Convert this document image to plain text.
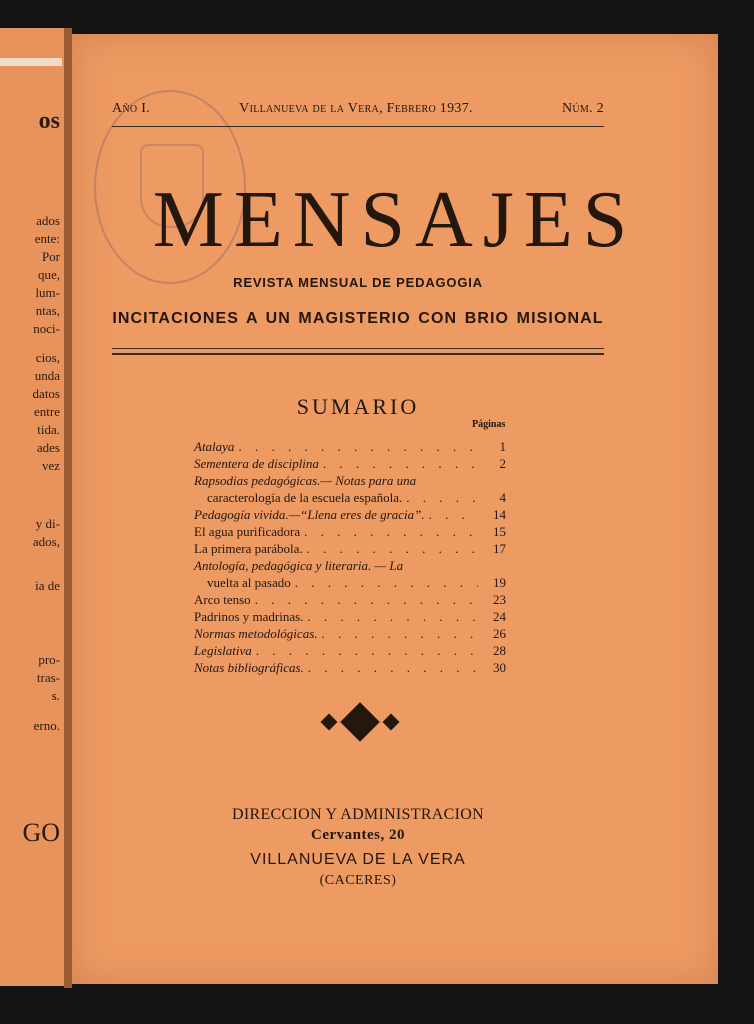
os
ados
ente:
Por
que,
lum-
ntas,
noci-
cios,
unda
datos
entre
tida.
ades
vez
y di-
ados,
ia de
pro-
tras-
s.
erno.
GO
Año I.	Villanueva de la Vera, Febrero 1937.	Núm. 2
MENSAJES
REVISTA MENSUAL DE PEDAGOGIA
INCITACIONES A UN MAGISTERIO CON BRIO MISIONAL
SUMARIO
Páginas
Atalaya . . .	1
Sementera de disciplina . . .	2
Rapsodias pedagógicas.— Notas para una
caracterología de la escuela española. . . .	4
Pedagogía vivida.—“Llena eres de gracia”. . . .	14
El agua purificadora . . .	15
La primera parábola. . . .	17
Antología, pedagógica y literaria. — La
vuelta al pasado . . .	19
Arco tenso . . .	23
Padrinos y madrinas. . . .	24
Normas metodológicas. . . .	26
Legislativa . . .	28
Notas bibliográficas. . . .	30
DIRECCION Y ADMINISTRACION
Cervantes, 20
VILLANUEVA DE LA VERA
(CACERES)
